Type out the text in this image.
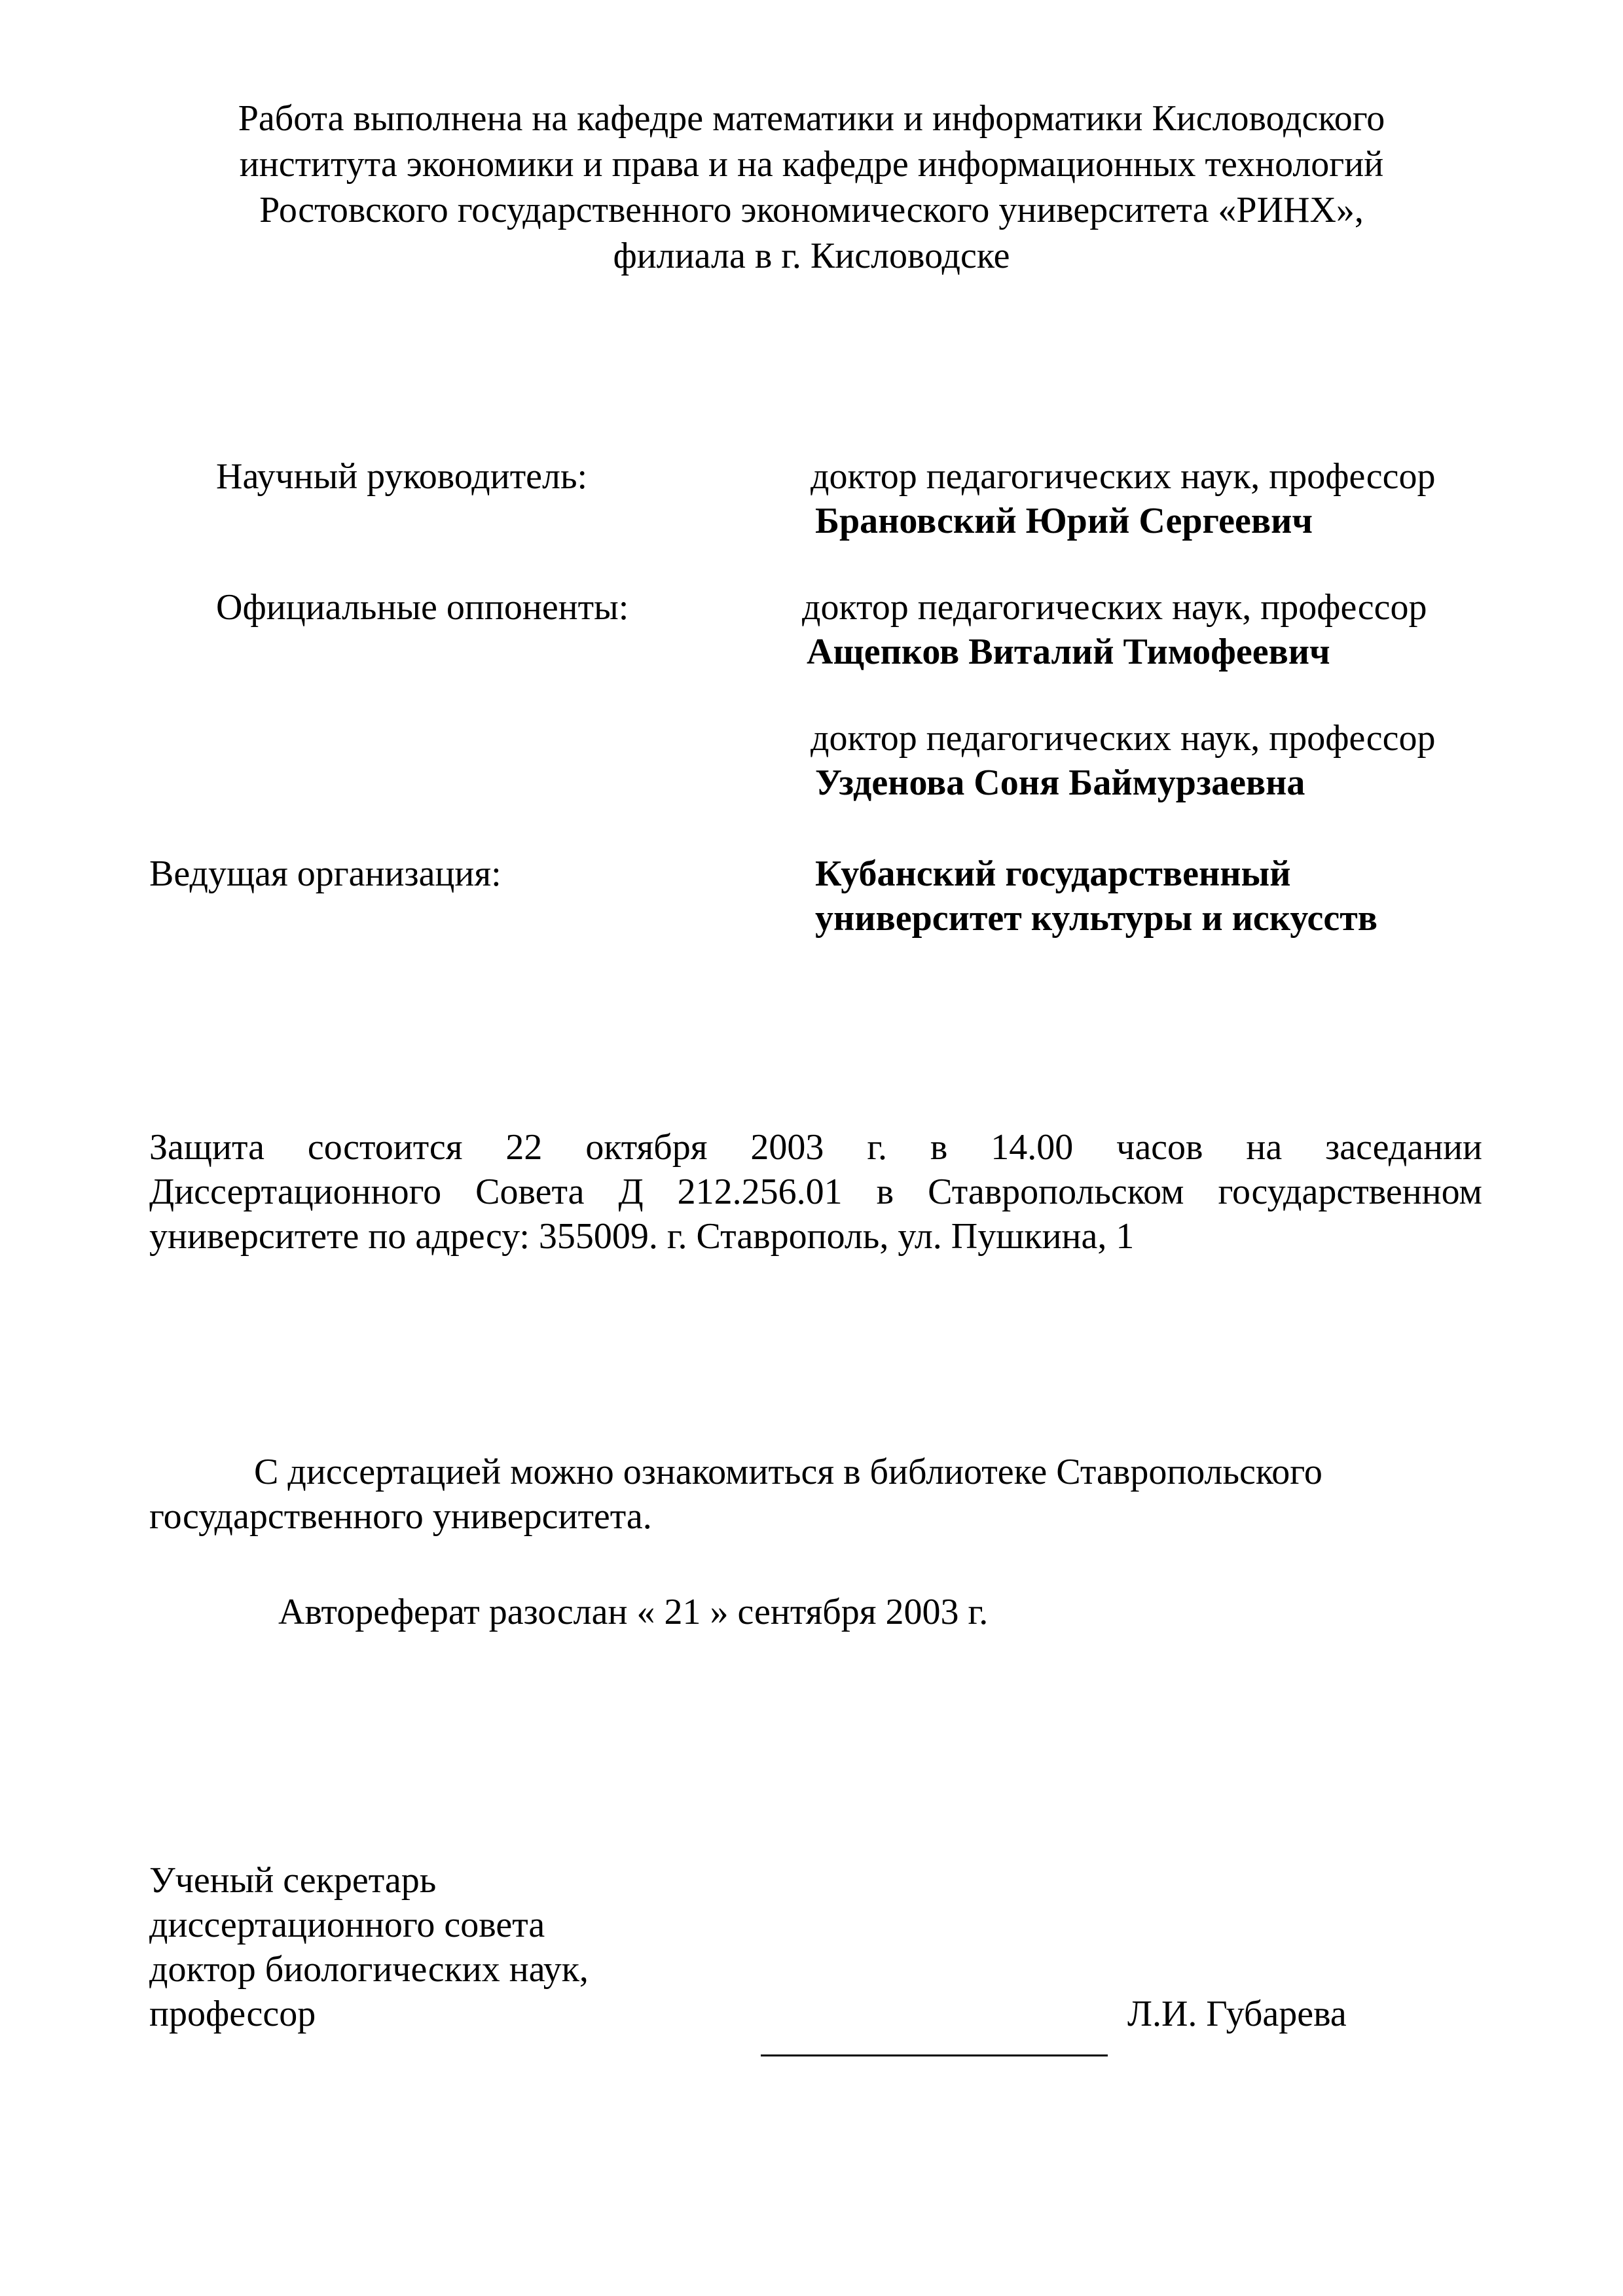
Работа выполнена на кафедре математики и информатики Кисловодского
института экономики и права и на кафедре информационных технологий
Ростовского государственного экономического университета «РИНХ»,
филиала в г. Кисловодске
Научный руководитель:	доктор педагогических наук, профессор
Брановский Юрий Сергеевич
Официальные оппоненты:	доктор педагогических наук, профессор
Ащепков Виталий Тимофеевич
доктор педагогических наук, профессор
Узденова Соня Баймурзаевна
Ведущая организация:	Кубанский государственный
университет культуры и искусств
Защита состоится 22 октября 2003 г. в 14.00 часов на заседании
Диссертационного Совета Д 212.256.01 в Ставропольском государственном
университете по адресу: 355009. г. Ставрополь, ул. Пушкина, 1
С диссертацией можно ознакомиться в библиотеке Ставропольского
государственного университета.
Автореферат разослан « 21 » сентября 2003 г.
Ученый секретарь
диссертационного совета
доктор биологических наук,
профессор	Л.И. Губарева
